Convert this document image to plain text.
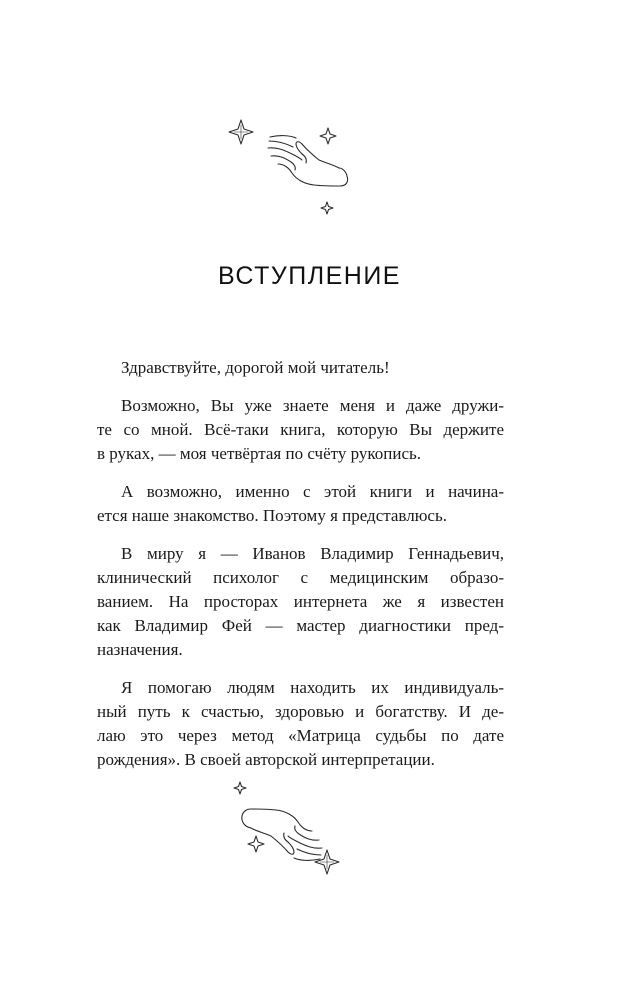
ВСТУПЛЕНИЕ

Здравствуйте, дорогой мой читатель!

Возможно, Вы уже знаете меня и даже дружи-
те со мной. Всё-таки книга, которую Вы держите
в руках, — моя четвёртая по счёту рукопись.

А возможно, именно с этой книги и начина-
ется наше знакомство. Поэтому я представлюсь.

В миру я — Иванов Владимир Геннадьевич,
клинический психолог с медицинским образо-
ванием. На просторах интернета же я известен
как Владимир Фей — мастер диагностики пред-
назначения.

Я помогаю людям находить их индивидуаль-
ный путь к счастью, здоровью и богатству. И де-
лаю это через метод «Матрица судьбы по дате
рождения». В своей авторской интерпретации.
